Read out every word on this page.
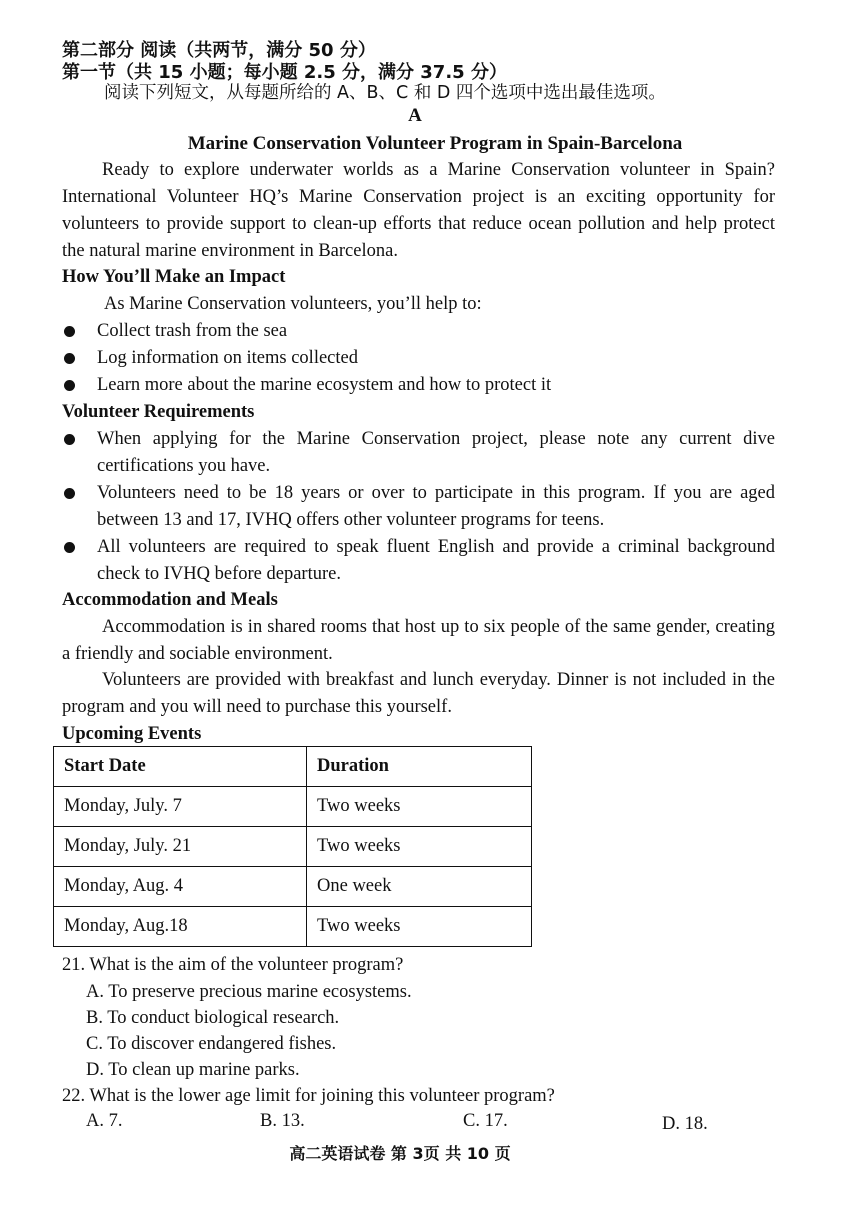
第二部分 阅读（共两节，满分 50 分）
第一节（共 15 小题；每小题 2.5 分，满分 37.5 分）
阅读下列短文，从每题所给的 A、B、C 和 D 四个选项中选出最佳选项。
A
Marine Conservation Volunteer Program in Spain-Barcelona
Ready to explore underwater worlds as a Marine Conservation volunteer in Spain? International Volunteer HQ’s Marine Conservation project is an exciting opportunity for volunteers to provide support to clean-up efforts that reduce ocean pollution and help protect the natural marine environment in Barcelona.
How You’ll Make an Impact
As Marine Conservation volunteers, you’ll help to:
Collect trash from the sea
Log information on items collected
Learn more about the marine ecosystem and how to protect it
Volunteer Requirements
When applying for the Marine Conservation project, please note any current dive certifications you have.
Volunteers need to be 18 years or over to participate in this program. If you are aged between 13 and 17, IVHQ offers other volunteer programs for teens.
All volunteers are required to speak fluent English and provide a criminal background check to IVHQ before departure.
Accommodation and Meals
Accommodation is in shared rooms that host up to six people of the same gender, creating a friendly and sociable environment.
Volunteers are provided with breakfast and lunch everyday. Dinner is not included in the program and you will need to purchase this yourself.
Upcoming Events
Start Date	Duration
Monday, July. 7	Two weeks
Monday, July. 21	Two weeks
Monday, Aug. 4	One week
Monday, Aug.18	Two weeks
21. What is the aim of the volunteer program?
A. To preserve precious marine ecosystems.
B. To conduct biological research.
C. To discover endangered fishes.
D. To clean up marine parks.
22. What is the lower age limit for joining this volunteer program?
A. 7.	B. 13.	C. 17.	D. 18.
高二英语试卷 第 3页 共 10 页
